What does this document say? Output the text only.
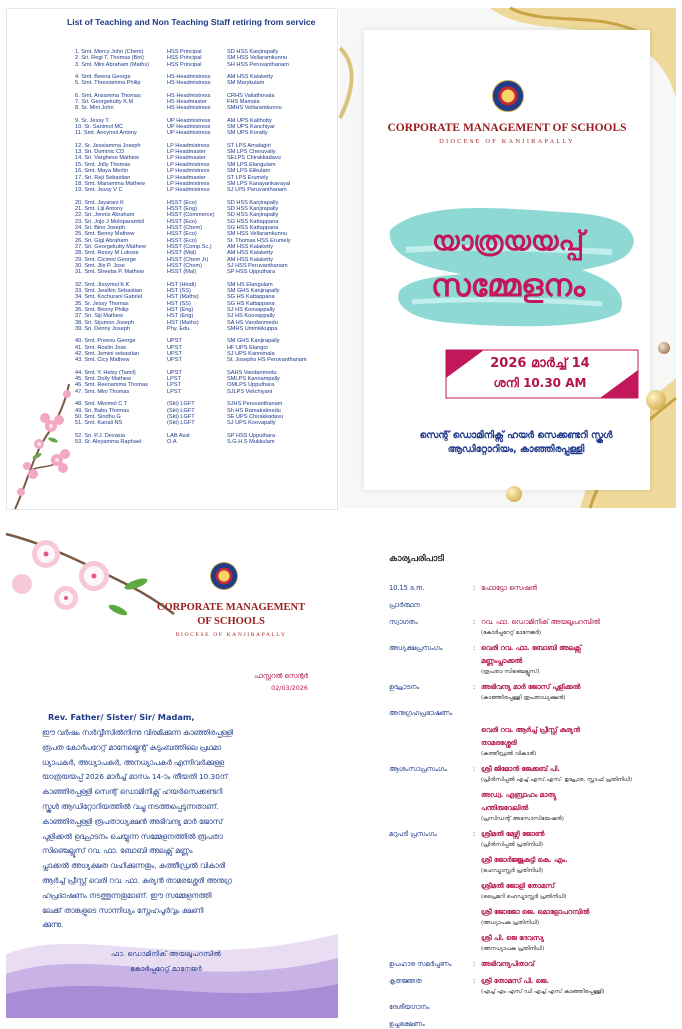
List of Teaching and Non Teaching Staff retiring from service
1. Smt. Mercy John (Chem)	HSS Principal	SD HSS Kanjirapally
2. Sri. Regi T. Thomas (Bot)	HSS Principal	SM HSS Vellaramkunnu
3. Smt. Mini Abraham (Maths)	HSS Principal	SH HSS Peruvanthanam
4. Smt. Beena George	HS Headmistress	AM HSS Kalaketty
5. Smt. Thresiamma Philip	HS Headmistress	SM Marykulam
6. Smt. Ansamma Thomas	HS Headmistress	CRHS Valiathovala
7. Sri. Georgekutty K.M	HS Headmaster	FHS Mamala
8. Sr. Mini John	HS Headmistress	SMHS Vellaramkunnu
9. Sr. Jessy T.	UP Headmistress	AM UPS Kalthotty
10. Sr. Sanimol MC	UP Headmistress	SM UPS Kanchiyar
11. Smt. Ancymol Antony	UP Headmistress	SM UPS Koratty
12. Sr. Jessiamma Joseph	LP Headmistress	ST LPS Amalagiri
13. Sri. Dominic CD	LP Headmaster	SM LPS Cheruvally
14. Sri. Varghese Mathew	LP Headmaster	SELPS Chirakkadavu
15. Smt. Jolly Thomas	LP Headmistress	SM LPS Elangulam
16. Smt. Maya Merlin	LP Headmistress	SM LPS Elikulam
17. Sri. Reji Sebastian	LP Headmaster	ST LPS Erumely
18. Smt. Mariamma Mathew	LP Headmistress	SM LPS Kanayankavayal
19. Smt. Jessy V C	LP Headmistress	SJ LPS Peruvanthanam
20. Smt. Jayarani K	HSST (Eco)	SD HSS Kanjirapally
21. Smt. Liji Antony	HSST (Eng)	SD HSS Kanjirapally
22. Sri. Jennis Abraham	HSST (Commerce)	SD HSS Kanjirapally
23. Sri. Jojo J Moloparambil	HSST (Eco)	SG HSS Kattappana
24. Sri. Bino Joseph	HSST (Chem)	SG HSS Kattappana
25. Smt. Benny Mathew	HSST (Eco)	SM HSS Vellaramkunnu
26. Sri. Gigi Abraham	HSST (Eco)	St. Thomas HSS Erumely
27. Sri. Georgekutty Mathew	HSST (Comp.Sc.)	AM HSS Kalaketty
28. Smt. Ressy M Lukose	HSST (Mal)	AM HSS Kalaketty
29. Smt. Cicimol George	HSST (Chem Jr)	AM HSS Kalaketty
30. Smt. Jils P. Jose	HSST (Chem)	SJ HSS Peruvanthanam
31. Smt. Sheeba P. Mathew	HSST (Mal)	SP HSS Upputhara
32. Smt. Jissymol K.K	HST (Hindi)	SM HS Elangulam
33. Smt. Jwalkin Sebastian	HST (SS)	SM GHS Kanjirapally
34. Smt. Kochurani Gabriel	HST (Maths)	SG HS Kattappana
35. Sr. Jessy Thomas	HST (SS)	SG HS Kattappana
36. Smt. Benny Philip	HST (Eng)	SJ HS Koovappally
37. Sri. Siji Mathew	HST (Eng)	SJ HS Koovappally
38. Sri. Sijumon Joseph	HST (Maths)	SA HS Vandanmedu
39. Sri. Denny Joseph	Phy. Edu.	SMHS Ummikkuppa
40. Smt. Preenu George	UPST	SM GHS Kanjirapally
41. Smt. Roslin Jose	UPST	HF UPS Elangoi
42. Smt. Jemini sebastian	UPST	SJ UPS Kannimala
43. Smt. Cicy Mathew	UPST	St. Josephs HS Peruvanthanam
44. Smt. Y. Helsy (Tamil)	UPST	SAHS Vandanmedu
45. Smt. Dolly Mathew	LPST	SMLPS Kannampally
46. Smt. Reenamma Thomas	LPST	OMLPS Upputhara
47. Smt. Mini Thomas	LPST	SJLPS Velichiyani
48. Smt. Minimol C T	(Skt) LGFT	SJHS Peruvanthanam
49. Sri. Babu Thomas	(Skt) LGFT	Sh HS Ramakalmedu
50. Smt. Sindhu G	(Skt) LGFT	SE UPS Chirakkadavu
51. Smt. Kairali NS	(Skt) LGFT	SJ UPS Koovapally
52. Sri. P.J. Devasia	LAB Asst	SP HSS Upputhara
53. Sr. Aleyamma Raphael	O.A	S.G.H.S Mukkulam
CORPORATE MANAGEMENT OF SCHOOLS
DIOCESE OF KANJIRAPALLY
യാത്രയയപ്പ്
സമ്മേളനം
2026 മാർച്ച് 14
ശനി 10.30 AM
സെന്റ് ഡൊമിനിക്സ് ഹയർ സെക്കണ്ടറി സ്കൂൾ
ആഡിറ്റോറിയം, കാഞ്ഞിരപ്പള്ളി
CORPORATE MANAGEMENT
OF SCHOOLS
DIOCESE OF KANJIRAPALLY
പാസ്റ്ററൽ സെന്റർ
02/03/2026
Rev. Father/ Sister/ Sir/ Madam,
ഈ വർഷം സർവ്വീസിൽനിന്നു വിരമിക്കുന്ന കാഞ്ഞിരപ്പള്ളി
രൂപത കോർപറേറ്റ് മാനേജ്മെന്റ് കുടുംബത്തിലെ പ്രഥമാ
ധ്യാപകർ, അധ്യാപകർ, അനധ്യാപകർ എന്നിവർക്കുള്ള
യാത്രയയപ്പ് 2026 മാർച്ച് മാസം 14-ാം തീയതി 10.30ന്
കാഞ്ഞിരപ്പള്ളി സെന്റ് ഡൊമിനിക്സ് ഹയർസെക്കണ്ടറി
സ്കൂൾ ആഡിറ്റോറിയത്തിൽ വച്ചു നടത്തപ്പെടുന്നതാണ്.
കാഞ്ഞിരപ്പള്ളി രൂപതാധ്യക്ഷൻ അഭിവന്ദ്യ മാർ ജോസ്
പുളിക്കൽ ഉദ്ഘാടനം ചെയ്യുന്ന സമ്മേളനത്തിൽ രൂപതാ
സിഞ്ചെല്ലൂസ് റവ. ഫാ. ബോബി അലക്സ് മണ്ണം
പ്ലാക്കൽ അധ്യക്ഷത വഹിക്കുന്നതും, കത്തീഡ്രൽ വികാരി
ആർച്ച് പ്രീസ്റ്റ് വെരി റവ. ഫാ. കുര്യൻ താമരശ്ശേരി അനുഗ്ര
ഹപ്രഭാഷണം നടത്തുന്നതുമാണ്. ഈ സമ്മേളനത്തി
ലേക്ക് താങ്കളുടെ സാന്നിധ്യം സ്നേഹപൂർവ്വം ക്ഷണി
ക്കുന്നു.
ഫാ. ഡൊമിനിക് അയലൂപറമ്പിൽ
കോർപ്പറേറ്റ് മാനേജർ
കാര്യപരിപാടി
10.15 a.m.	: ഫോട്ടോ സെഷൻ
പ്രാർത്ഥന
സ്വാഗതം	: റവ. ഫാ. ഡൊമിനിക് അയലൂപറമ്പിൽ
(കോർപ്പറേറ്റ് മാനേജർ)
അധ്യക്ഷപ്രസംഗം	: വെരി റവ. ഫാ. ബോബി അലക്സ്
മണ്ണംപ്ലാക്കൽ
(രൂപതാ സിഞ്ചെല്ലൂസ്)
ഉദ്ഘാടനം	: അഭിവന്ദ്യ മാർ ജോസ് പുളിക്കൽ
(കാഞ്ഞിരപ്പള്ളി രൂപതാധ്യക്ഷൻ)
അനുഗ്രഹപ്രഭാഷണം
വെരി റവ. ആർച്ച് പ്രീസ്റ്റ് കുര്യൻ
താമരശ്ശേരി
(കത്തീഡ്രൽ വികാരി)
ആശംസാപ്രസംഗം	: ശ്രീ ജിമോൻ ജേക്കബ് പി.
(പ്രിൻസിപ്പൽ എച്ച്.എസ്.എസ്. ഉദ്ഘാര, സ്റ്റാഫ് പ്രതിനിധി)
അഡ്വ. എബ്രാഹം മാത്യു
പന്തിരുവേലിൽ
(പ്രസിഡന്റ് അസോസിയേഷൻ)
മറുപടി പ്രസംഗം	: ശ്രീമതി മേഴ്സി ജോൺ
(പ്രിൻസിപ്പൽ പ്രതിനിധി)
ശ്രീ ജോർജ്ജുകുട്ടി കെ. എം.
(ഹെഡ്മാസ്റ്റർ പ്രതിനിധി)
ശ്രീമതി ജോളി തോമസ്
(പ്രൈമറി ഹെഡ്മാസ്റ്റർ പ്രതിനിധി)
ശ്രീ ജോജോ ജെ. മൊളോപറമ്പിൽ
(അധ്യാപക പ്രതിനിധി)
ശ്രീ പി. ജെ ദേവസ്യ
(അനധ്യാപക പ്രതിനിധി)
ഉപഹാര സമർപ്പണം	: അഭിവന്ദ്യപിതാവ്
കൃതജ്ഞത	: ശ്രീ തോമസ് പി. ജെ.
(എച്ച് എം എസ് ഡി എച്ച് എസ് കാഞ്ഞിരപ്പള്ളി)
ദേശീയഗാനം
ഉച്ചഭക്ഷണം
